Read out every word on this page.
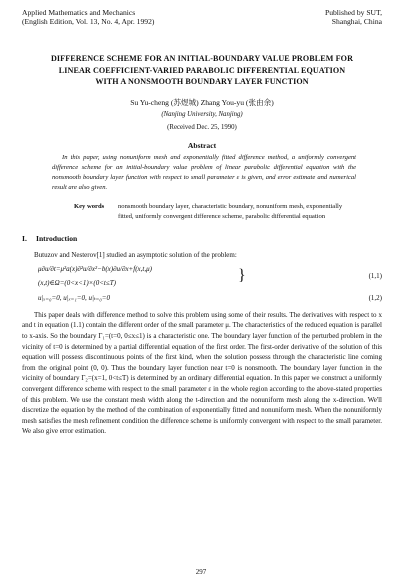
Applied Mathematics and Mechanics
(English Edition, Vol. 13, No. 4, Apr. 1992)
Published by SUT,
Shanghai, China
DIFFERENCE SCHEME FOR AN INITIAL-BOUNDARY VALUE PROBLEM FOR
LINEAR COEFFICIENT-VARIED PARABOLIC DIFFERENTIAL EQUATION
WITH A NONSMOOTH BOUNDARY LAYER FUNCTION
Su Yu-cheng (苏煜城) Zhang You-yu (张由余)
(Nanjing University, Nanjing)
(Received Dec. 25, 1990)
Abstract
In this paper, using nonuniform mesh and exponentially fitted difference method, a uniformly convergent difference scheme for an initial-boundary value problem of linear parabolic differential equation with the nonsmooth boundary layer function with respect to small parameter ε is given, and error estimate and numerical result are also given.
Key words	nonsmooth boundary layer, characteristic boundary, nonuniform mesh, exponentially fitted, uniformly convergent difference scheme, parabolic differential equation
I. Introduction
Butuzov and Nesterov[1] studied an asymptotic solution of the problem:
μ∂u/∂t=μ²a(x)∂²u/∂x²−b(x)∂u/∂x+f(x,t,μ)
(x,t)∈Ω=(0<x<1)×(0<t≤T)	}	(1,1)
u|ₓ₌₀=0, u|ₓ₌₁=0, u|ₜ₌₀=0	(1,2)
This paper deals with difference method to solve this problem using some of their results. The derivatives with respect to x and t in equation (1.1) contain the different order of the small parameter μ. The characteristics of the reduced equation is parallel to x-axis. So the boundary Γ₁=(t=0, 0≤x≤1) is a characteristic one. The boundary layer function of the perturbed problem in the vicinity of t=0 is determined by a partial differential equation of the first order. The first-order derivative of the solution of this equation will possess discontinuous points of the first kind, when the solution possess through the characteristic line coming from the original point (0, 0). Thus the boundary layer function near t=0 is nonsmooth. The boundary layer function in the vicinity of boundary Γ₂=(x=1, 0<t≤T) is determined by an ordinary differential equation. In this paper we construct a uniformly convergent difference scheme with respect to the small parameter ε in the whole region according to the above-stated properties of this problem. We use the constant mesh width along the t-direction and the nonuniform mesh along the x-direction. We'll discretize the equation by the method of the combination of exponentially fitted and nonuniform mesh. When the nonuniformly mesh satisfies the mesh refinement condition the difference scheme is uniformly convergent with respect to the small parameter. We also give error estimation.
297
